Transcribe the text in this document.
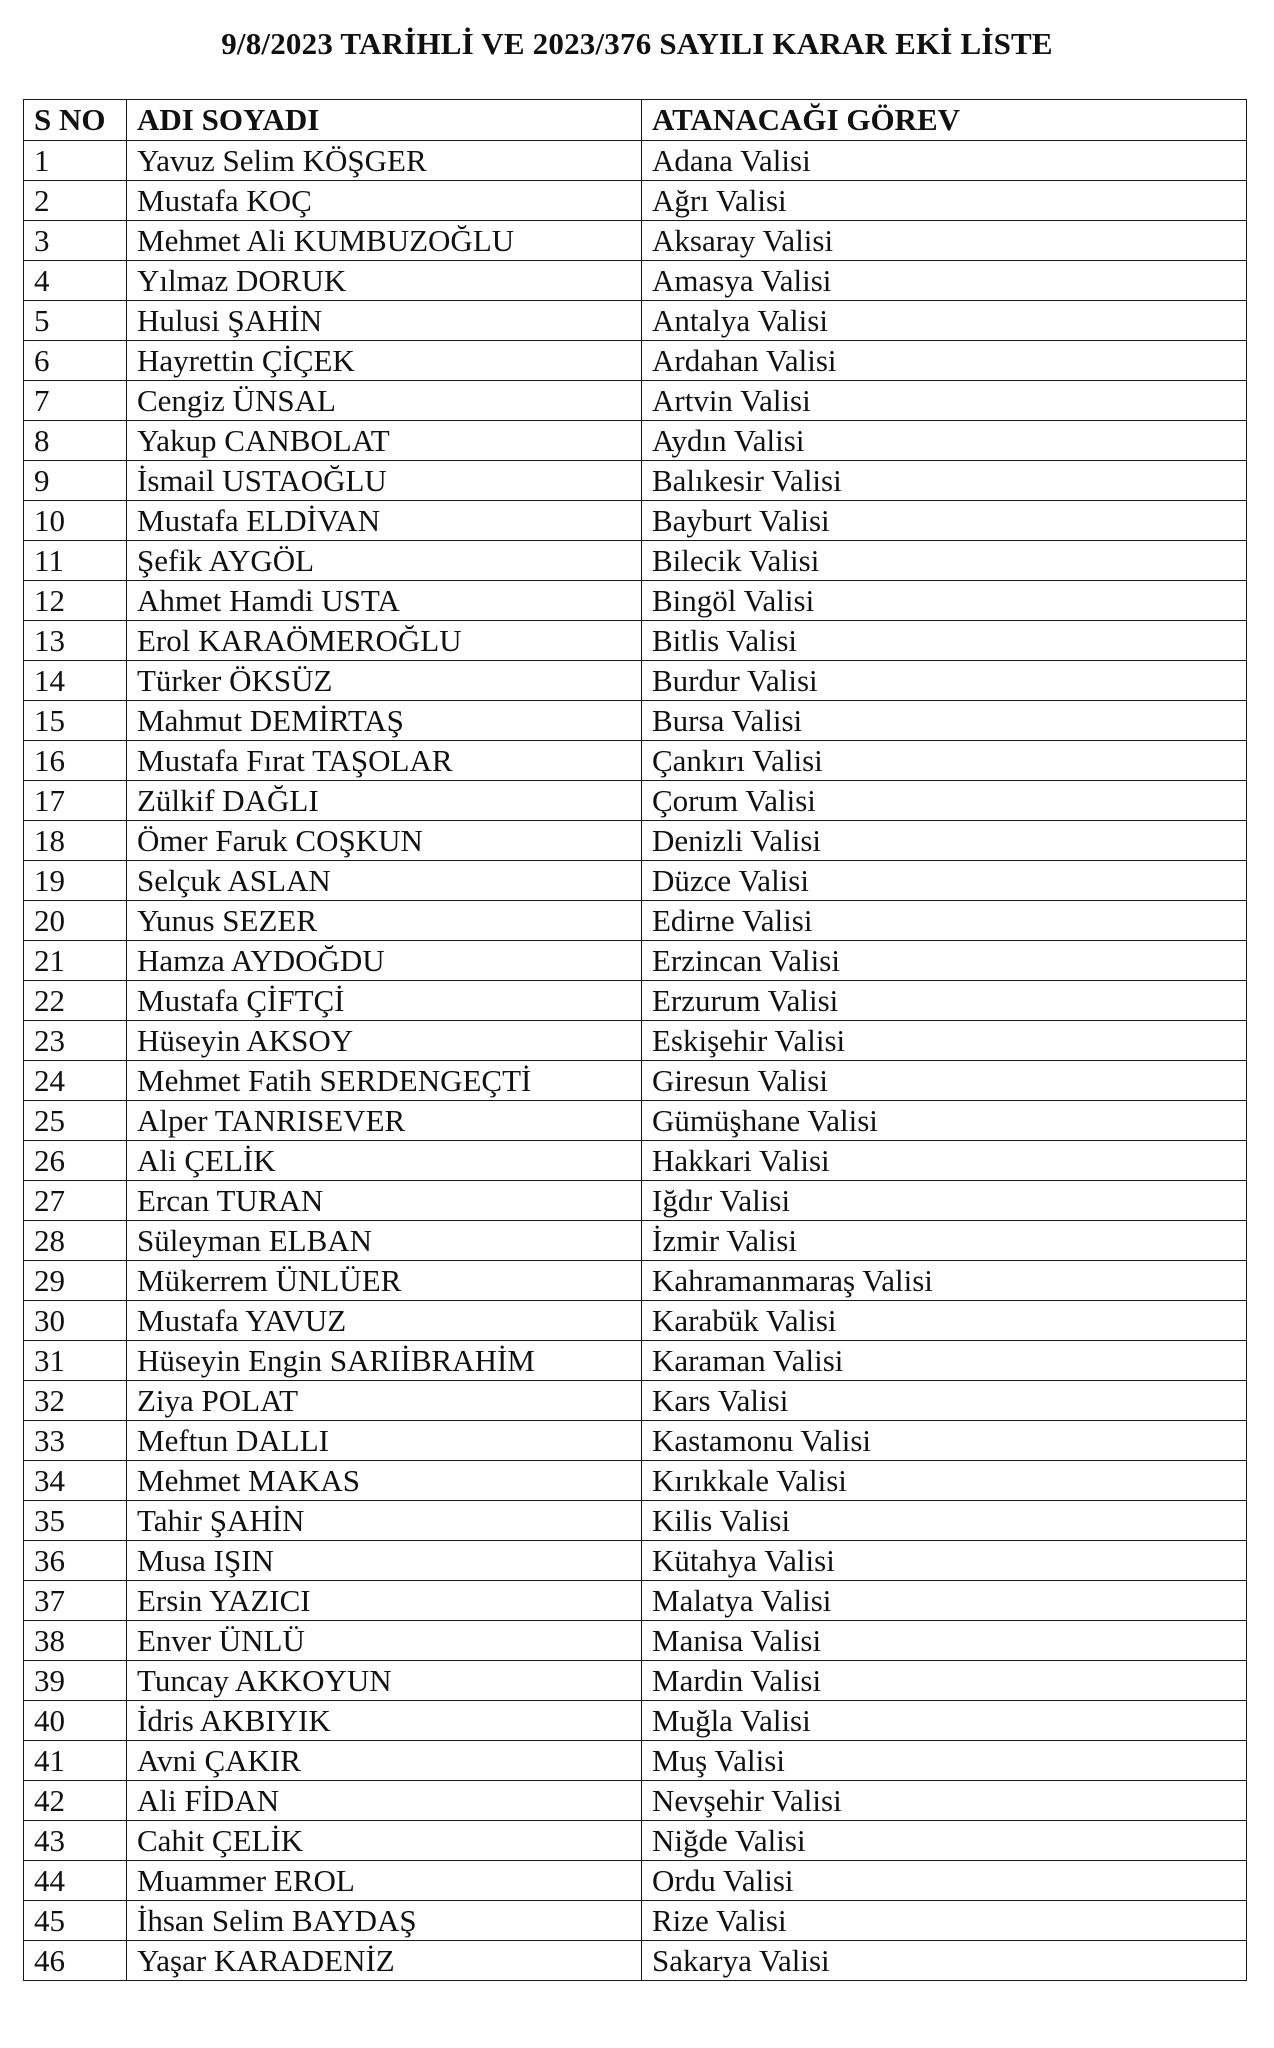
9/8/2023 TARİHLİ VE 2023/376 SAYILI KARAR EKİ LİSTE
S NO	ADI SOYADI	ATANACAĞI GÖREV
1	Yavuz Selim KÖŞGER	Adana Valisi
2	Mustafa KOÇ	Ağrı Valisi
3	Mehmet Ali KUMBUZOĞLU	Aksaray Valisi
4	Yılmaz DORUK	Amasya Valisi
5	Hulusi ŞAHİN	Antalya Valisi
6	Hayrettin ÇİÇEK	Ardahan Valisi
7	Cengiz ÜNSAL	Artvin Valisi
8	Yakup CANBOLAT	Aydın Valisi
9	İsmail USTAOĞLU	Balıkesir Valisi
10	Mustafa ELDİVAN	Bayburt Valisi
11	Şefik AYGÖL	Bilecik Valisi
12	Ahmet Hamdi USTA	Bingöl Valisi
13	Erol KARAÖMEROĞLU	Bitlis Valisi
14	Türker ÖKSÜZ	Burdur Valisi
15	Mahmut DEMİRTAŞ	Bursa Valisi
16	Mustafa Fırat TAŞOLAR	Çankırı Valisi
17	Zülkif DAĞLI	Çorum Valisi
18	Ömer Faruk COŞKUN	Denizli Valisi
19	Selçuk ASLAN	Düzce Valisi
20	Yunus SEZER	Edirne Valisi
21	Hamza AYDOĞDU	Erzincan Valisi
22	Mustafa ÇİFTÇİ	Erzurum Valisi
23	Hüseyin AKSOY	Eskişehir Valisi
24	Mehmet Fatih SERDENGEÇTİ	Giresun Valisi
25	Alper TANRISEVER	Gümüşhane Valisi
26	Ali ÇELİK	Hakkari Valisi
27	Ercan TURAN	Iğdır Valisi
28	Süleyman ELBAN	İzmir Valisi
29	Mükerrem ÜNLÜER	Kahramanmaraş Valisi
30	Mustafa YAVUZ	Karabük Valisi
31	Hüseyin Engin SARIİBRAHİM	Karaman Valisi
32	Ziya POLAT	Kars Valisi
33	Meftun DALLI	Kastamonu Valisi
34	Mehmet MAKAS	Kırıkkale Valisi
35	Tahir ŞAHİN	Kilis Valisi
36	Musa IŞIN	Kütahya Valisi
37	Ersin YAZICI	Malatya Valisi
38	Enver ÜNLÜ	Manisa Valisi
39	Tuncay AKKOYUN	Mardin Valisi
40	İdris AKBIYIK	Muğla Valisi
41	Avni ÇAKIR	Muş Valisi
42	Ali FİDAN	Nevşehir Valisi
43	Cahit ÇELİK	Niğde Valisi
44	Muammer EROL	Ordu Valisi
45	İhsan Selim BAYDAŞ	Rize Valisi
46	Yaşar KARADENİZ	Sakarya Valisi
